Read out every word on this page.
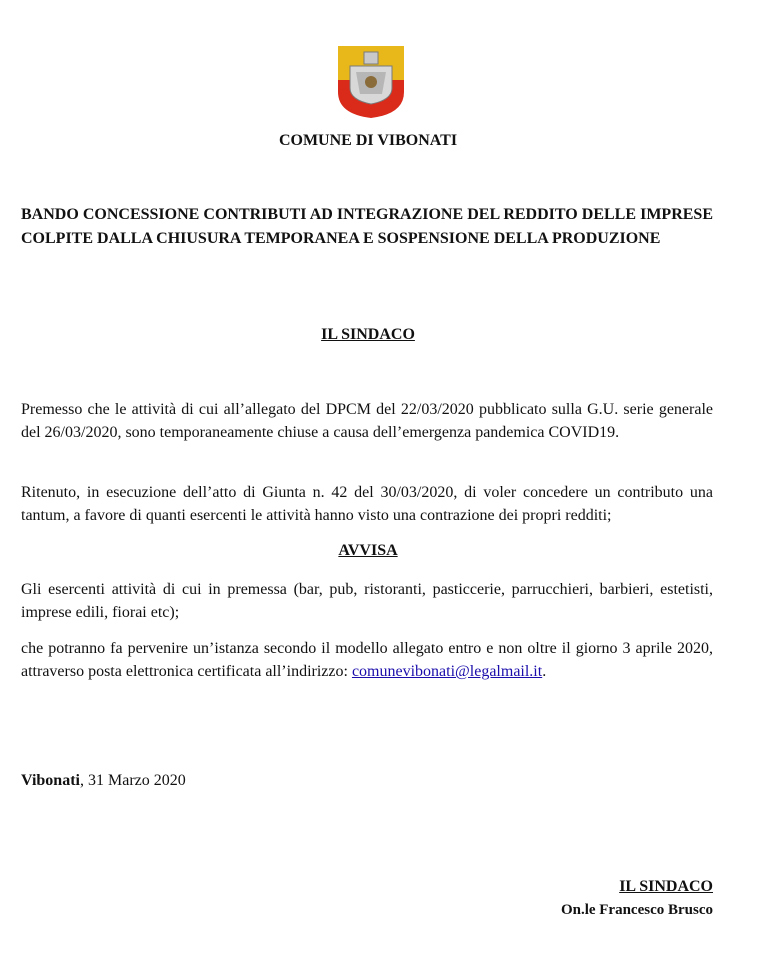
COMUNE DI VIBONATI
BANDO CONCESSIONE CONTRIBUTI AD INTEGRAZIONE DEL REDDITO DELLE IMPRESE COLPITE DALLA CHIUSURA TEMPORANEA E SOSPENSIONE DELLA PRODUZIONE
IL SINDACO
Premesso che le attività di cui all’allegato del DPCM del 22/03/2020 pubblicato sulla G.U. serie generale del 26/03/2020, sono temporaneamente chiuse a causa dell’emergenza pandemica COVID19.
Ritenuto, in esecuzione dell’atto di Giunta n. 42 del 30/03/2020, di voler concedere un contributo una tantum, a favore di quanti esercenti le attività hanno visto una contrazione dei propri redditi;
AVVISA
Gli esercenti attività di cui in premessa (bar, pub, ristoranti, pasticcerie, parrucchieri, barbieri, estetisti, imprese edili, fiorai etc);
che potranno fa pervenire un’istanza secondo il modello allegato entro e non oltre il giorno 3 aprile 2020, attraverso posta elettronica certificata all’indirizzo: comunevibonati@legalmail.it.
Vibonati, 31 Marzo 2020
IL SINDACO
On.le Francesco Brusco
